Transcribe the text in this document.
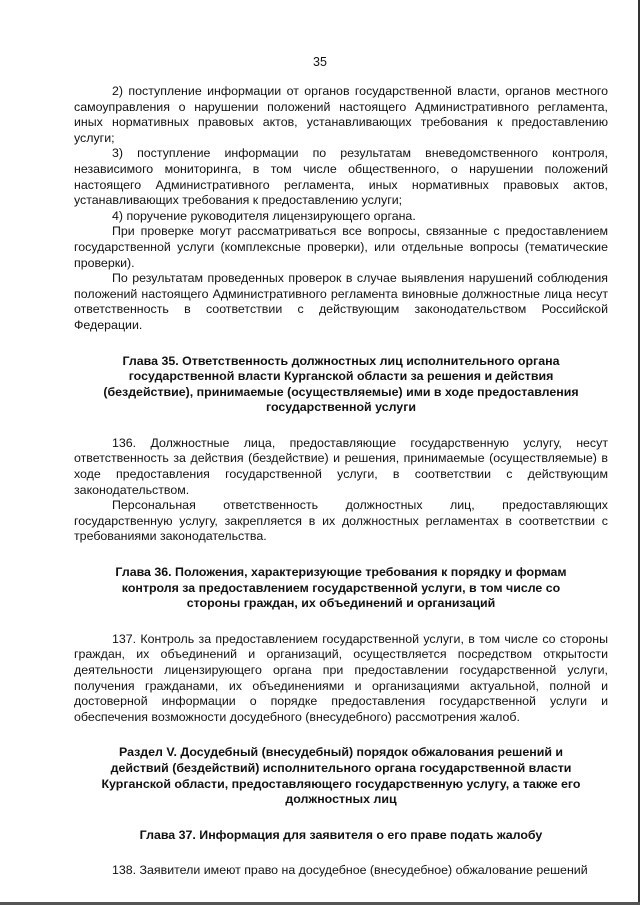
35

2) поступление информации от органов государственной власти, органов местного самоуправления о нарушении положений настоящего Административного регламента, иных нормативных правовых актов, устанавливающих требования к предоставлению услуги;

3) поступление информации по результатам вневедомственного контроля, независимого мониторинга, в том числе общественного, о нарушении положений настоящего Административного регламента, иных нормативных правовых актов, устанавливающих требования к предоставлению услуги;

4) поручение руководителя лицензирующего органа.

При проверке могут рассматриваться все вопросы, связанные с предоставлением государственной услуги (комплексные проверки), или отдельные вопросы (тематические проверки).

По результатам проведенных проверок в случае выявления нарушений соблюдения положений настоящего Административного регламента виновные должностные лица несут ответственность в соответствии с действующим законодательством Российской Федерации.

Глава 35. Ответственность должностных лиц исполнительного органа государственной власти Курганской области за решения и действия (бездействие), принимаемые (осуществляемые) ими в ходе предоставления государственной услуги

136. Должностные лица, предоставляющие государственную услугу, несут ответственность за действия (бездействие) и решения, принимаемые (осуществляемые) в ходе предоставления государственной услуги, в соответствии с действующим законодательством.

Персональная ответственность должностных лиц, предоставляющих государственную услугу, закрепляется в их должностных регламентах в соответствии с требованиями законодательства.

Глава 36. Положения, характеризующие требования к порядку и формам контроля за предоставлением государственной услуги, в том числе со стороны граждан, их объединений и организаций

137. Контроль за предоставлением государственной услуги, в том числе со стороны граждан, их объединений и организаций, осуществляется посредством открытости деятельности лицензирующего органа при предоставлении государственной услуги, получения гражданами, их объединениями и организациями актуальной, полной и достоверной информации о порядке предоставления государственной услуги и обеспечения возможности досудебного (внесудебного) рассмотрения жалоб.

Раздел V. Досудебный (внесудебный) порядок обжалования решений и действий (бездействий) исполнительного органа государственной власти Курганской области, предоставляющего государственную услугу, а также его должностных лиц
Глава 37. Информация для заявителя о его праве подать жалобу

138. Заявители имеют право на досудебное (внесудебное) обжалование решений
